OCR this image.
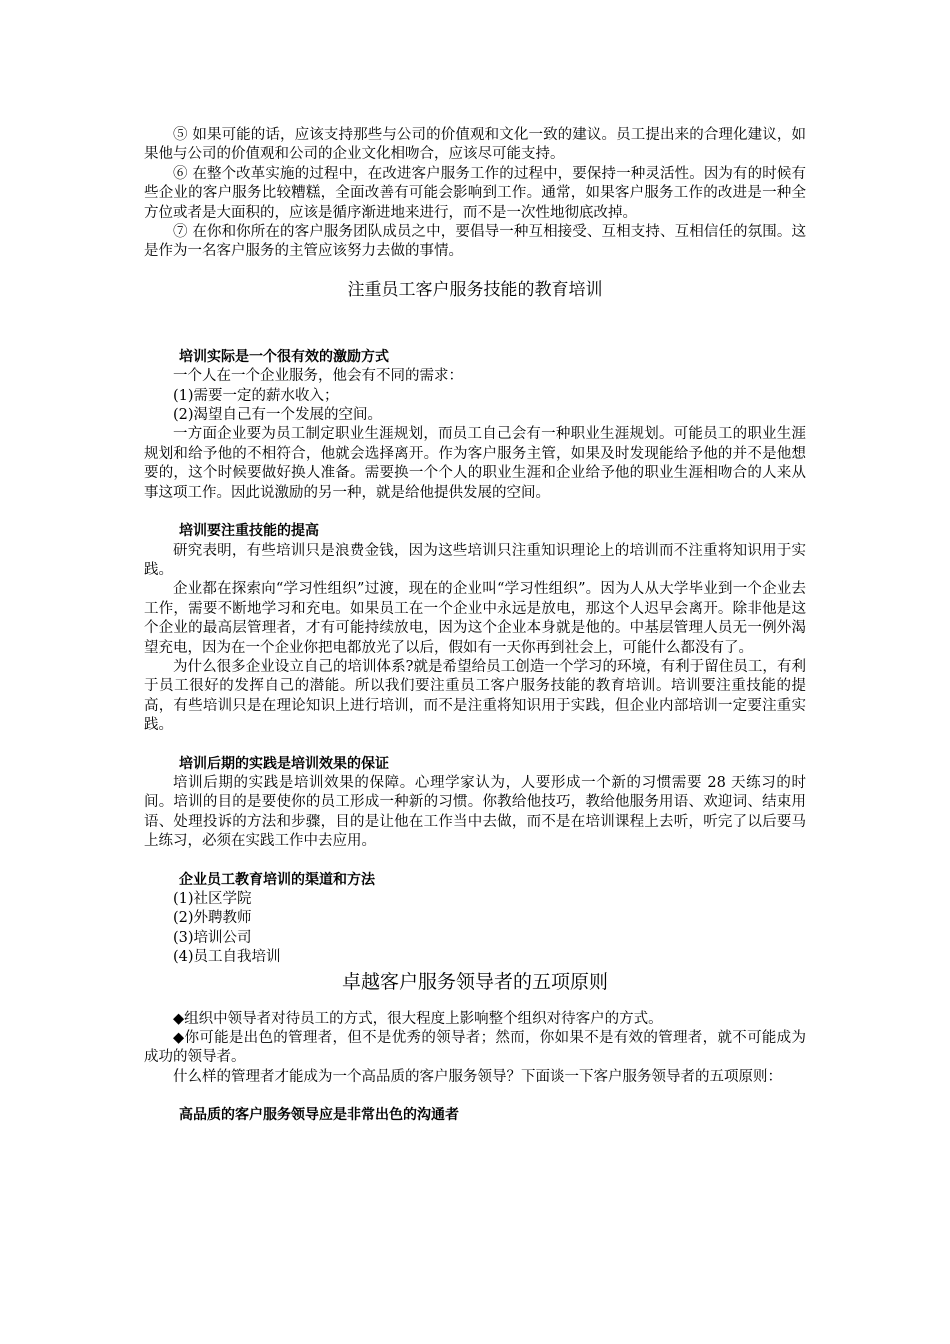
⑤ 如果可能的话，应该支持那些与公司的价值观和文化一致的建议。员工提出来的合理化建议，如果他与公司的价值观和公司的企业文化相吻合，应该尽可能支持。

⑥ 在整个改革实施的过程中，在改进客户服务工作的过程中，要保持一种灵活性。因为有的时候有些企业的客户服务比较糟糕，全面改善有可能会影响到工作。通常，如果客户服务工作的改进是一种全方位或者是大面积的，应该是循序渐进地来进行，而不是一次性地彻底改掉。

⑦ 在你和你所在的客户服务团队成员之中，要倡导一种互相接受、互相支持、互相信任的氛围。这是作为一名客户服务的主管应该努力去做的事情。

注重员工客户服务技能的教育培训
培训实际是一个很有效的激励方式

一个人在一个企业服务，他会有不同的需求：

(1)需要一定的薪水收入；

(2)渴望自己有一个发展的空间。

一方面企业要为员工制定职业生涯规划，而员工自己会有一种职业生涯规划。可能员工的职业生涯规划和给予他的不相符合，他就会选择离开。作为客户服务主管，如果及时发现能给予他的并不是他想要的，这个时候要做好换人准备。需要换一个个人的职业生涯和企业给予他的职业生涯相吻合的人来从事这项工作。因此说激励的另一种，就是给他提供发展的空间。

培训要注重技能的提高

研究表明，有些培训只是浪费金钱，因为这些培训只注重知识理论上的培训而不注重将知识用于实践。

企业都在探索向“学习性组织”过渡，现在的企业叫“学习性组织”。因为人从大学毕业到一个企业去工作，需要不断地学习和充电。如果员工在一个企业中永远是放电，那这个人迟早会离开。除非他是这个企业的最高层管理者，才有可能持续放电，因为这个企业本身就是他的。中基层管理人员无一例外渴望充电，因为在一个企业你把电都放光了以后，假如有一天你再到社会上，可能什么都没有了。

为什么很多企业设立自己的培训体系?就是希望给员工创造一个学习的环境，有利于留住员工，有利于员工很好的发挥自己的潜能。所以我们要注重员工客户服务技能的教育培训。培训要注重技能的提高，有些培训只是在理论知识上进行培训，而不是注重将知识用于实践，但企业内部培训一定要注重实践。

培训后期的实践是培训效果的保证

培训后期的实践是培训效果的保障。心理学家认为，人要形成一个新的习惯需要 28 天练习的时间。培训的目的是要使你的员工形成一种新的习惯。你教给他技巧，教给他服务用语、欢迎词、结束用语、处理投诉的方法和步骤，目的是让他在工作当中去做，而不是在培训课程上去听，听完了以后要马上练习，必须在实践工作中去应用。

企业员工教育培训的渠道和方法

(1)社区学院

(2)外聘教师

(3)培训公司

(4)员工自我培训

卓越客户服务领导者的五项原则

◆组织中领导者对待员工的方式，很大程度上影响整个组织对待客户的方式。

◆你可能是出色的管理者，但不是优秀的领导者；然而，你如果不是有效的管理者，就不可能成为成功的领导者。

什么样的管理者才能成为一个高品质的客户服务领导？下面谈一下客户服务领导者的五项原则：

高品质的客户服务领导应是非常出色的沟通者
